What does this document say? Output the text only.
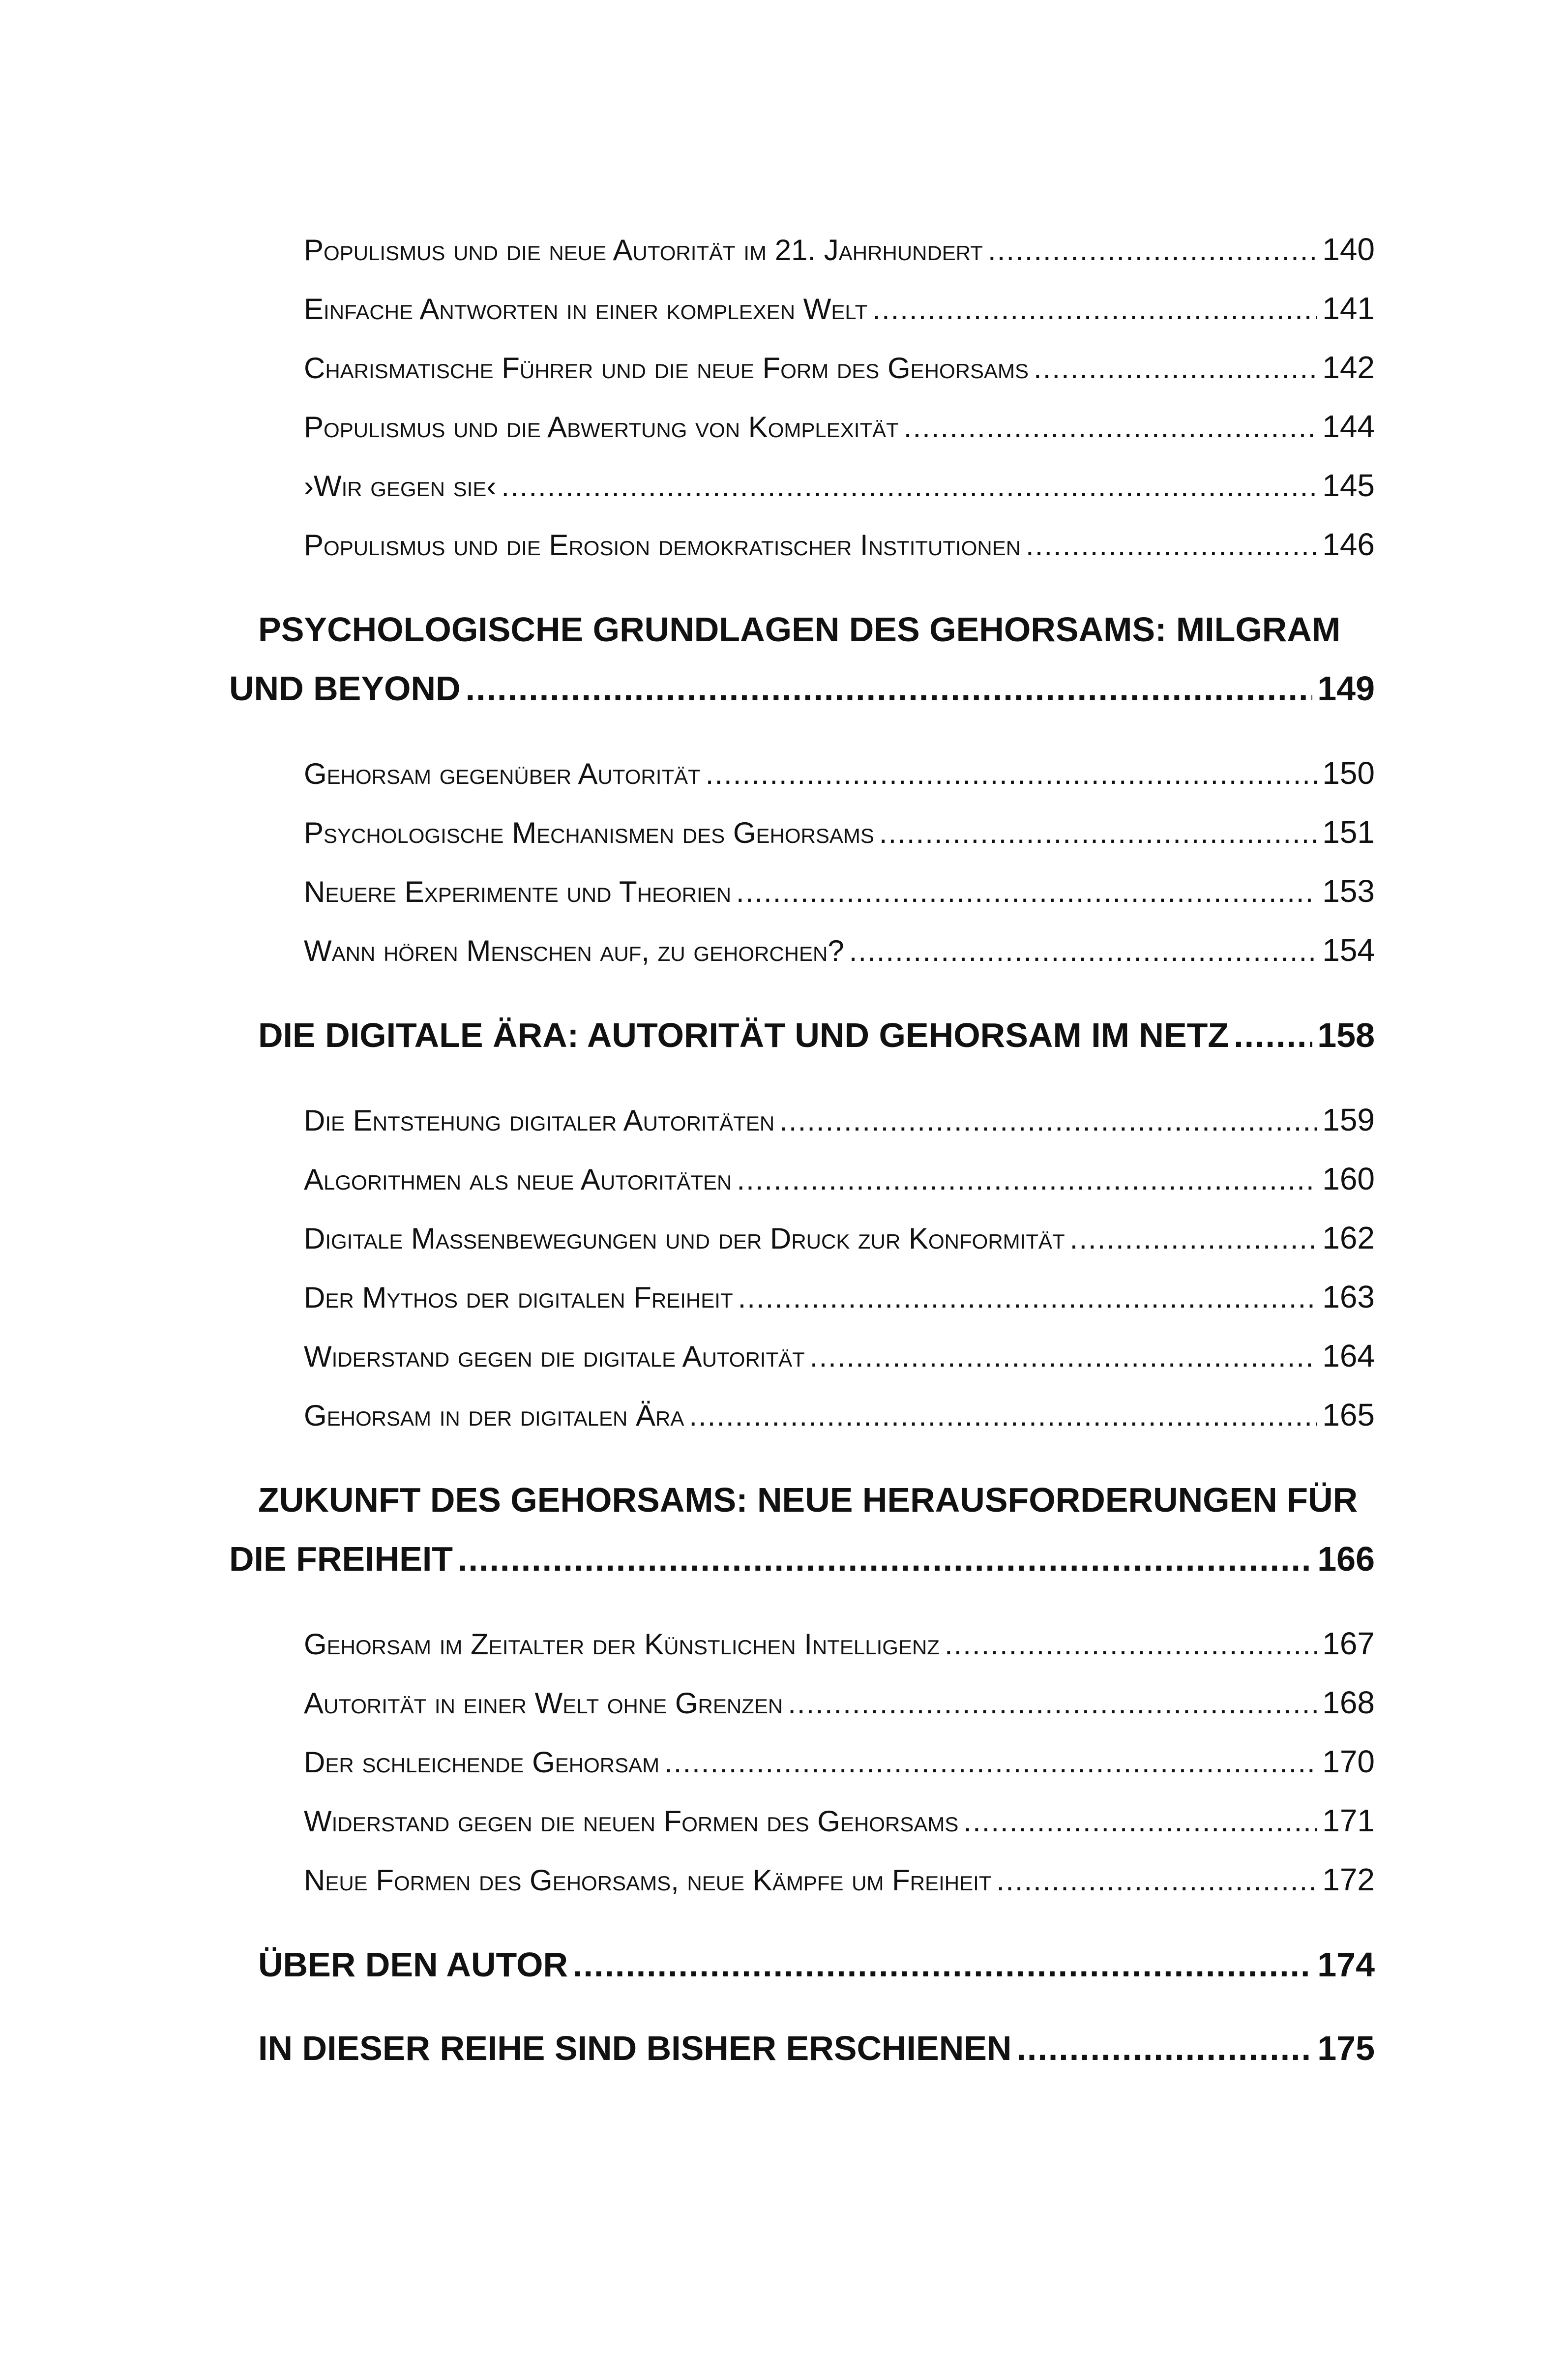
Populismus und die neue Autorität im 21. Jahrhundert .....	140
Einfache Antworten in einer komplexen Welt .....	141
Charismatische Führer und die neue Form des Gehorsams .....	142
Populismus und die Abwertung von Komplexität .....	144
›Wir gegen sie‹ .....	145
Populismus und die Erosion demokratischer Institutionen .....	146
PSYCHOLOGISCHE GRUNDLAGEN DES GEHORSAMS: MILGRAM
UND BEYOND .....	149
Gehorsam gegenüber Autorität .....	150
Psychologische Mechanismen des Gehorsams .....	151
Neuere Experimente und Theorien .....	153
Wann hören Menschen auf, zu gehorchen? .....	154
DIE DIGITALE ÄRA: AUTORITÄT UND GEHORSAM IM NETZ .....	158
Die Entstehung digitaler Autoritäten .....	159
Algorithmen als neue Autoritäten .....	160
Digitale Massenbewegungen und der Druck zur Konformität .....	162
Der Mythos der digitalen Freiheit .....	163
Widerstand gegen die digitale Autorität .....	164
Gehorsam in der digitalen Ära .....	165
ZUKUNFT DES GEHORSAMS: NEUE HERAUSFORDERUNGEN FÜR
DIE FREIHEIT .....	166
Gehorsam im Zeitalter der Künstlichen Intelligenz .....	167
Autorität in einer Welt ohne Grenzen .....	168
Der schleichende Gehorsam .....	170
Widerstand gegen die neuen Formen des Gehorsams .....	171
Neue Formen des Gehorsams, neue Kämpfe um Freiheit .....	172
ÜBER DEN AUTOR .....	174
IN DIESER REIHE SIND BISHER ERSCHIENEN .....	175
